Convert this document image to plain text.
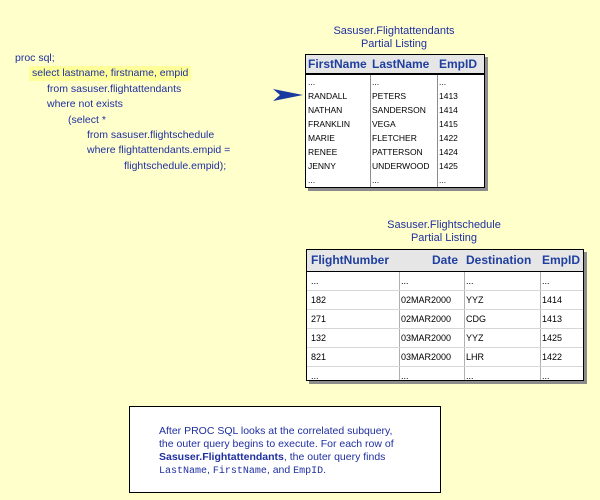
proc sql;
select lastname, firstname, empid
from sasuser.flightattendants
where not exists
(select *
from sasuser.flightschedule
where flightattendants.empid =
flightschedule.empid);
Sasuser.Flightattendants
Partial Listing
FirstName LastName EmpID
...	...	...
RANDALL	PETERS	1413
NATHAN	SANDERSON 1414
FRANKLIN	VEGA	1415
MARIE	FLETCHER	1422
RENEE	PATTERSON 1424
JENNY	UNDERWOOD 1425
...	...	...
Sasuser.Flightschedule
Partial Listing
FlightNumber	Date Destination EmpID
...	...	...	...
182	02MAR2000 YYZ	1414
271	02MAR2000 CDG	1413
132	03MAR2000 YYZ	1425
821	03MAR2000 LHR	1422
...	...	...	...
After PROC SQL looks at the correlated subquery,
the outer query begins to execute. For each row of
Sasuser.Flightattendants, the outer query finds
LastName, FirstName, and EmpID.
